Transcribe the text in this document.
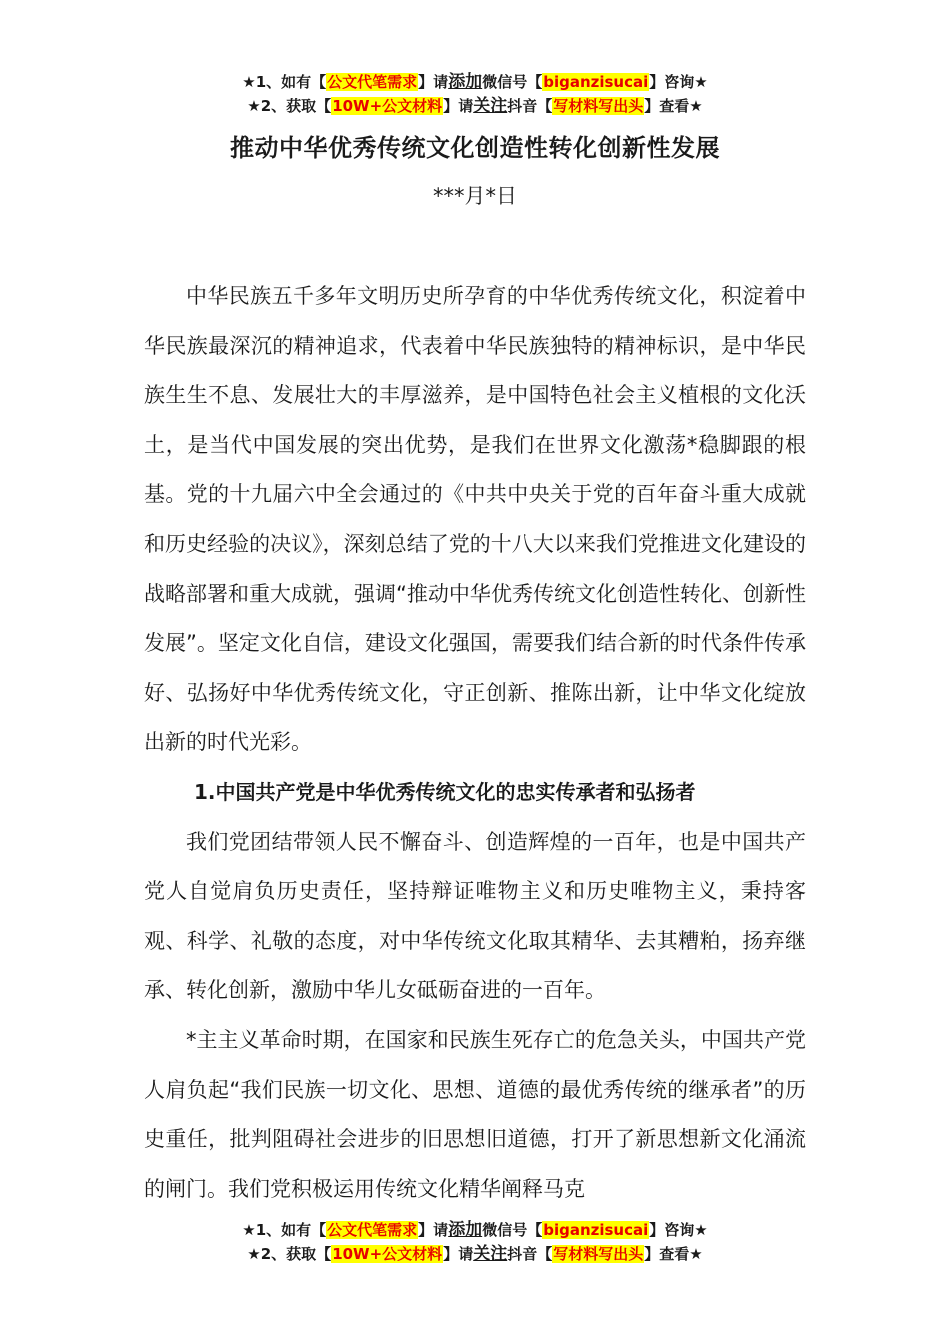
★1、如有【公文代笔需求】请添加微信号【biganzisucai】咨询★
★2、获取【10W+公文材料】请关注抖音【写材料写出头】查看★
推动中华优秀传统文化创造性转化创新性发展
***月*日

中华民族五千多年文明历史所孕育的中华优秀传统文化，积淀着中华民族最深沉的精神追求，代表着中华民族独特的精神标识，是中华民族生生不息、发展壮大的丰厚滋养，是中国特色社会主义植根的文化沃土，是当代中国发展的突出优势，是我们在世界文化激荡*稳脚跟的根基。党的十九届六中全会通过的《中共中央关于党的百年奋斗重大成就和历史经验的决议》，深刻总结了党的十八大以来我们党推进文化建设的战略部署和重大成就，强调“推动中华优秀传统文化创造性转化、创新性发展”。坚定文化自信，建设文化强国，需要我们结合新的时代条件传承好、弘扬好中华优秀传统文化，守正创新、推陈出新，让中华文化绽放出新的时代光彩。

1.中国共产党是中华优秀传统文化的忠实传承者和弘扬者

我们党团结带领人民不懈奋斗、创造辉煌的一百年，也是中国共产党人自觉肩负历史责任，坚持辩证唯物主义和历史唯物主义，秉持客观、科学、礼敬的态度，对中华传统文化取其精华、去其糟粕，扬弃继承、转化创新，激励中华儿女砥砺奋进的一百年。

*主主义革命时期，在国家和民族生死存亡的危急关头，中国共产党人肩负起“我们民族一切文化、思想、道德的最优秀传统的继承者”的历史重任，批判阻碍社会进步的旧思想旧道德，打开了新思想新文化涌流的闸门。我们党积极运用传统文化精华阐释马克

★1、如有【公文代笔需求】请添加微信号【biganzisucai】咨询★
★2、获取【10W+公文材料】请关注抖音【写材料写出头】查看★
